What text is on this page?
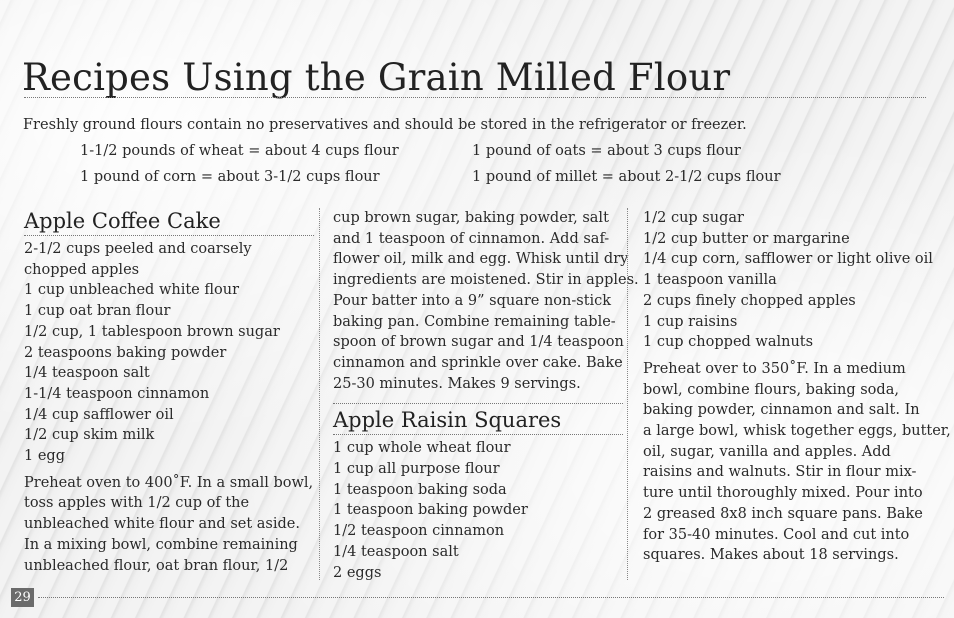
Recipes Using the Grain Milled Flour
Freshly ground flours contain no preservatives and should be stored in the refrigerator or freezer.
1-1/2 pounds of wheat = about 4 cups flour	1 pound of oats = about 3 cups flour
1 pound of corn = about 3-1/2 cups flour	1 pound of millet = about 2-1/2 cups flour
Apple Coffee Cake
2-1/2 cups peeled and coarsely
chopped apples
1 cup unbleached white flour
1 cup oat bran flour
1/2 cup, 1 tablespoon brown sugar
2 teaspoons baking powder
1/4 teaspoon salt
1-1/4 teaspoon cinnamon
1/4 cup safflower oil
1/2 cup skim milk
1 egg
Preheat oven to 400˚F. In a small bowl,
toss apples with 1/2 cup of the
unbleached white flour and set aside.
In a mixing bowl, combine remaining
unbleached flour, oat bran flour, 1/2
cup brown sugar, baking powder, salt
and 1 teaspoon of cinnamon. Add saf-
flower oil, milk and egg. Whisk until dry
ingredients are moistened. Stir in apples.
Pour batter into a 9” square non-stick
baking pan. Combine remaining table-
spoon of brown sugar and 1/4 teaspoon
cinnamon and sprinkle over cake. Bake
25-30 minutes. Makes 9 servings.
Apple Raisin Squares
1 cup whole wheat flour
1 cup all purpose flour
1 teaspoon baking soda
1 teaspoon baking powder
1/2 teaspoon cinnamon
1/4 teaspoon salt
2 eggs
1/2 cup sugar
1/2 cup butter or margarine
1/4 cup corn, safflower or light olive oil
1 teaspoon vanilla
2 cups finely chopped apples
1 cup raisins
1 cup chopped walnuts
Preheat over to 350˚F. In a medium
bowl, combine flours, baking soda,
baking powder, cinnamon and salt. In
a large bowl, whisk together eggs, butter,
oil, sugar, vanilla and apples. Add
raisins and walnuts. Stir in flour mix-
ture until thoroughly mixed. Pour into
2 greased 8x8 inch square pans. Bake
for 35-40 minutes. Cool and cut into
squares. Makes about 18 servings.
29
